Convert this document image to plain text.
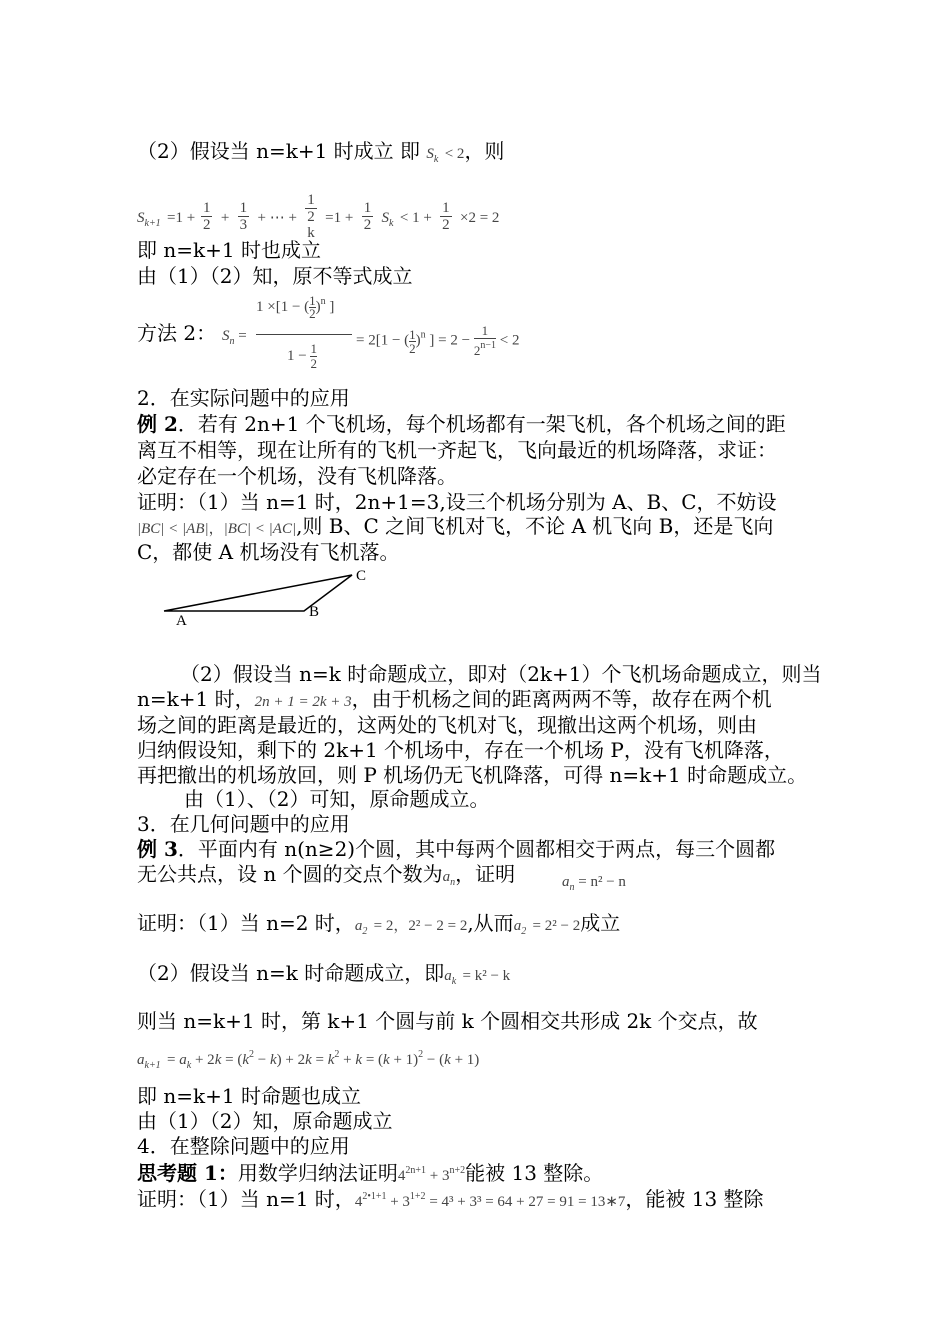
（2）假设当 n=k+1 时成立 即 $S_k < 2$，则
$S_{k+1} =1 + \frac{1}{2} + \frac{1}{3}$ + ⋯ + 1
2
$k =1 + \frac{1}{2} S_k < 1 + \frac{1}{2} \times 2 = 2$
即 n=k+1 时也成立
由（1）（2）知，原不等式成立
方法 2： $S_n$ =
1 ×[1 − ( $\frac{1}{2} )^n$ ]
$1 - \frac{1}{2}$
= 2[1 − ( $\frac{1}{2} )^n$ ] = $2 - \frac{1}{2^{n-1}} < 2$
2．在实际问题中的应用
例 2．若有 2n+1 个飞机场，每个机场都有一架飞机，各个机场之间的距
离互不相等，现在让所有的飞机一齐起飞，飞向最近的机场降落，求证：
必定存在一个机场，没有飞机降落。
证明：（1）当 n=1 时，2n+1=3,设三个机场分别为 A、B、C，不妨设
|BC| < |AB|，|BC| < |AC|,则 B、C 之间飞机对飞，不论 A 机飞向 B，还是飞向
C，都使 A 机场没有飞机落。
A
B
C
（2）假设当 n=k 时命题成立，即对（2k+1）个飞机场命题成立，则当
n=k+1 时，2n + 1 = 2k + 3，由于机杨之间的距离两两不等，故存在两个机
场之间的距离是最近的，这两处的飞机对飞，现撤出这两个机场，则由
归纳假设知，剩下的 2k+1 个机场中，存在一个机场 P，没有飞机降落，
再把撤出的机场放回，则 P 机场仍无飞机降落，可得 n=k+1 时命题成立。
由（1）、（2）可知，原命题成立。
3．在几何问题中的应用
例 3．平面内有 n(n≥2)个圆，其中每两个圆都相交于两点，每三个圆都
无公共点，设 n 个圆的交点个数为$a_n$，证明	$a_n = n^2 - n$
证明：（1）当 n=2 时，$a_2 = 2$，2² − 2 = 2,从而$a_2 = 2^2 - 2$成立
（2）假设当 n=k 时命题成立，即$a_k = k^2 - k$
则当 n=k+1 时，第 k+1 个圆与前 k 个圆相交共形成 2k 个交点，故
$a_{k+1} = a_k + 2k = (k^2 - k) + 2k = k^2 + k = (k + 1)^2 - (k + 1)$
即 n=k+1 时命题也成立
由（1）（2）知，原命题成立
4．在整除问题中的应用
思考题 1：用数学归纳法证明$4^{2n+1} + 3^{n+2}$能被 13 整除。
证明：（1）当 n=1 时，$4^{2•1+1} + 3^{1+2} = 4^3 + 3^3 = 64 + 27 = 91$ = 13∗7，能被 13 整除
